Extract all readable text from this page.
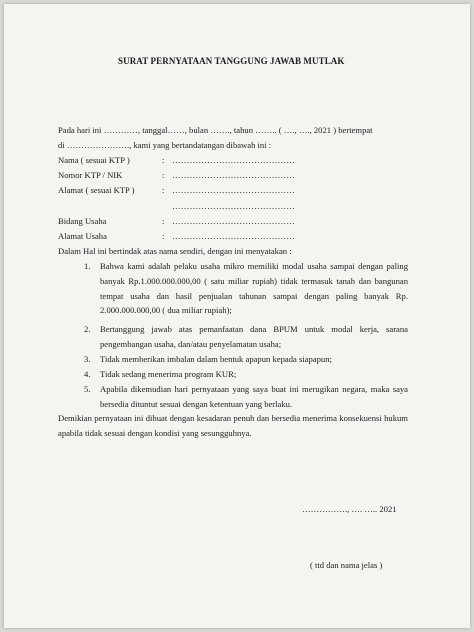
SURAT PERNYATAAN TANGGUNG JAWAB MUTLAK
Pada hari ini …………, tanggal……, bulan ……., tahun …….. ( …., …., 2021 ) bertempat
di …………………., kami yang bertandatangan dibawah ini :
Nama ( sesuai KTP )	: ……………………………………
Nomor KTP / NIK	: ……………………………………
Alamat ( sesuai KTP )	: ……………………………………
……………………………………
Bidang Usaha	: ……………………………………
Alamat Usaha	: ……………………………………
Dalam Hal ini bertindak atas nama sendiri, dengan ini menyatakan :
1. Bahwa kami adalah pelaku usaha mikro memiliki modal usaha sampai dengan paling banyak Rp.1.000.000.000,00 ( satu miliar rupiah) tidak termasuk tanah dan bangunan tempat usaha dan hasil penjualan tahunan sampai dengan paling banyak Rp. 2.000.000.000,00 ( dua miliar rupiah);
2. Bertanggung jawab atas pemanfaatan dana BPUM untuk modal kerja, sarana pengembangan usaha, dan/atau penyelamatan usaha;
3. Tidak memberikan imbalan dalam bentuk apapun kepada siapapun;
4. Tidak sedang menerima program KUR;
5. Apabila dikemudian hari pernyataan yang saya buat ini merugikan negara, maka saya bersedia dituntut sesuai dengan ketentuan yang berlaku.
Demikian pernyataan ini dibuat dengan kesadaran penuh dan bersedia menerima konsekuensi hukum apabila tidak sesuai dengan kondisi yang sesungguhnya.
……………., …. ….. 2021
( ttd dan nama jelas )
